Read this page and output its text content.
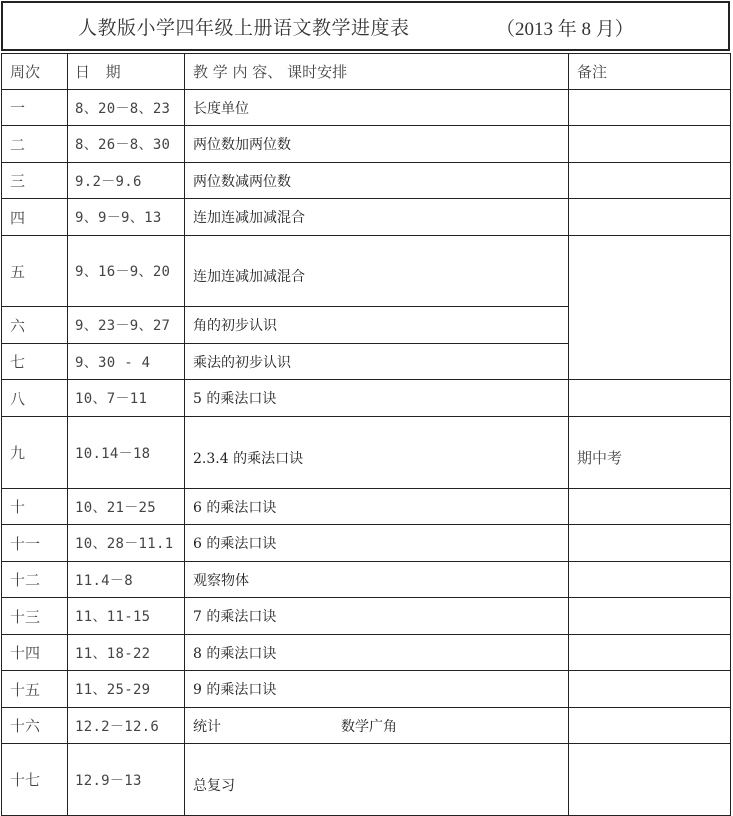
人教版小学四年级上册语文教学进度表	（2013 年 8 月）
周次	日　期	教 学 内 容、 课时安排	备注
一	8、20－8、23	长度单位	
二	8、26－8、30	两位数加两位数	
三	9.2－9.6	两位数减两位数	
四	9、9－9、13	连加连减加减混合	
五	9、16－9、20	连加连减加减混合	
六	9、23－9、27	角的初步认识	
七	9、30 - 4	乘法的初步认识	
八	10、7－11	5 的乘法口诀	
九	10.14－18	2.3.4 的乘法口诀	期中考
十	10、21－25	6 的乘法口诀	
十一	10、28－11.1	6 的乘法口诀	
十二	11.4－8	观察物体	
十三	11、11-15	7 的乘法口诀	
十四	11、18-22	8 的乘法口诀	
十五	11、25-29	9 的乘法口诀	
十六	12.2－12.6	统计 数学广角	
十七	12.9－13	总复习	
